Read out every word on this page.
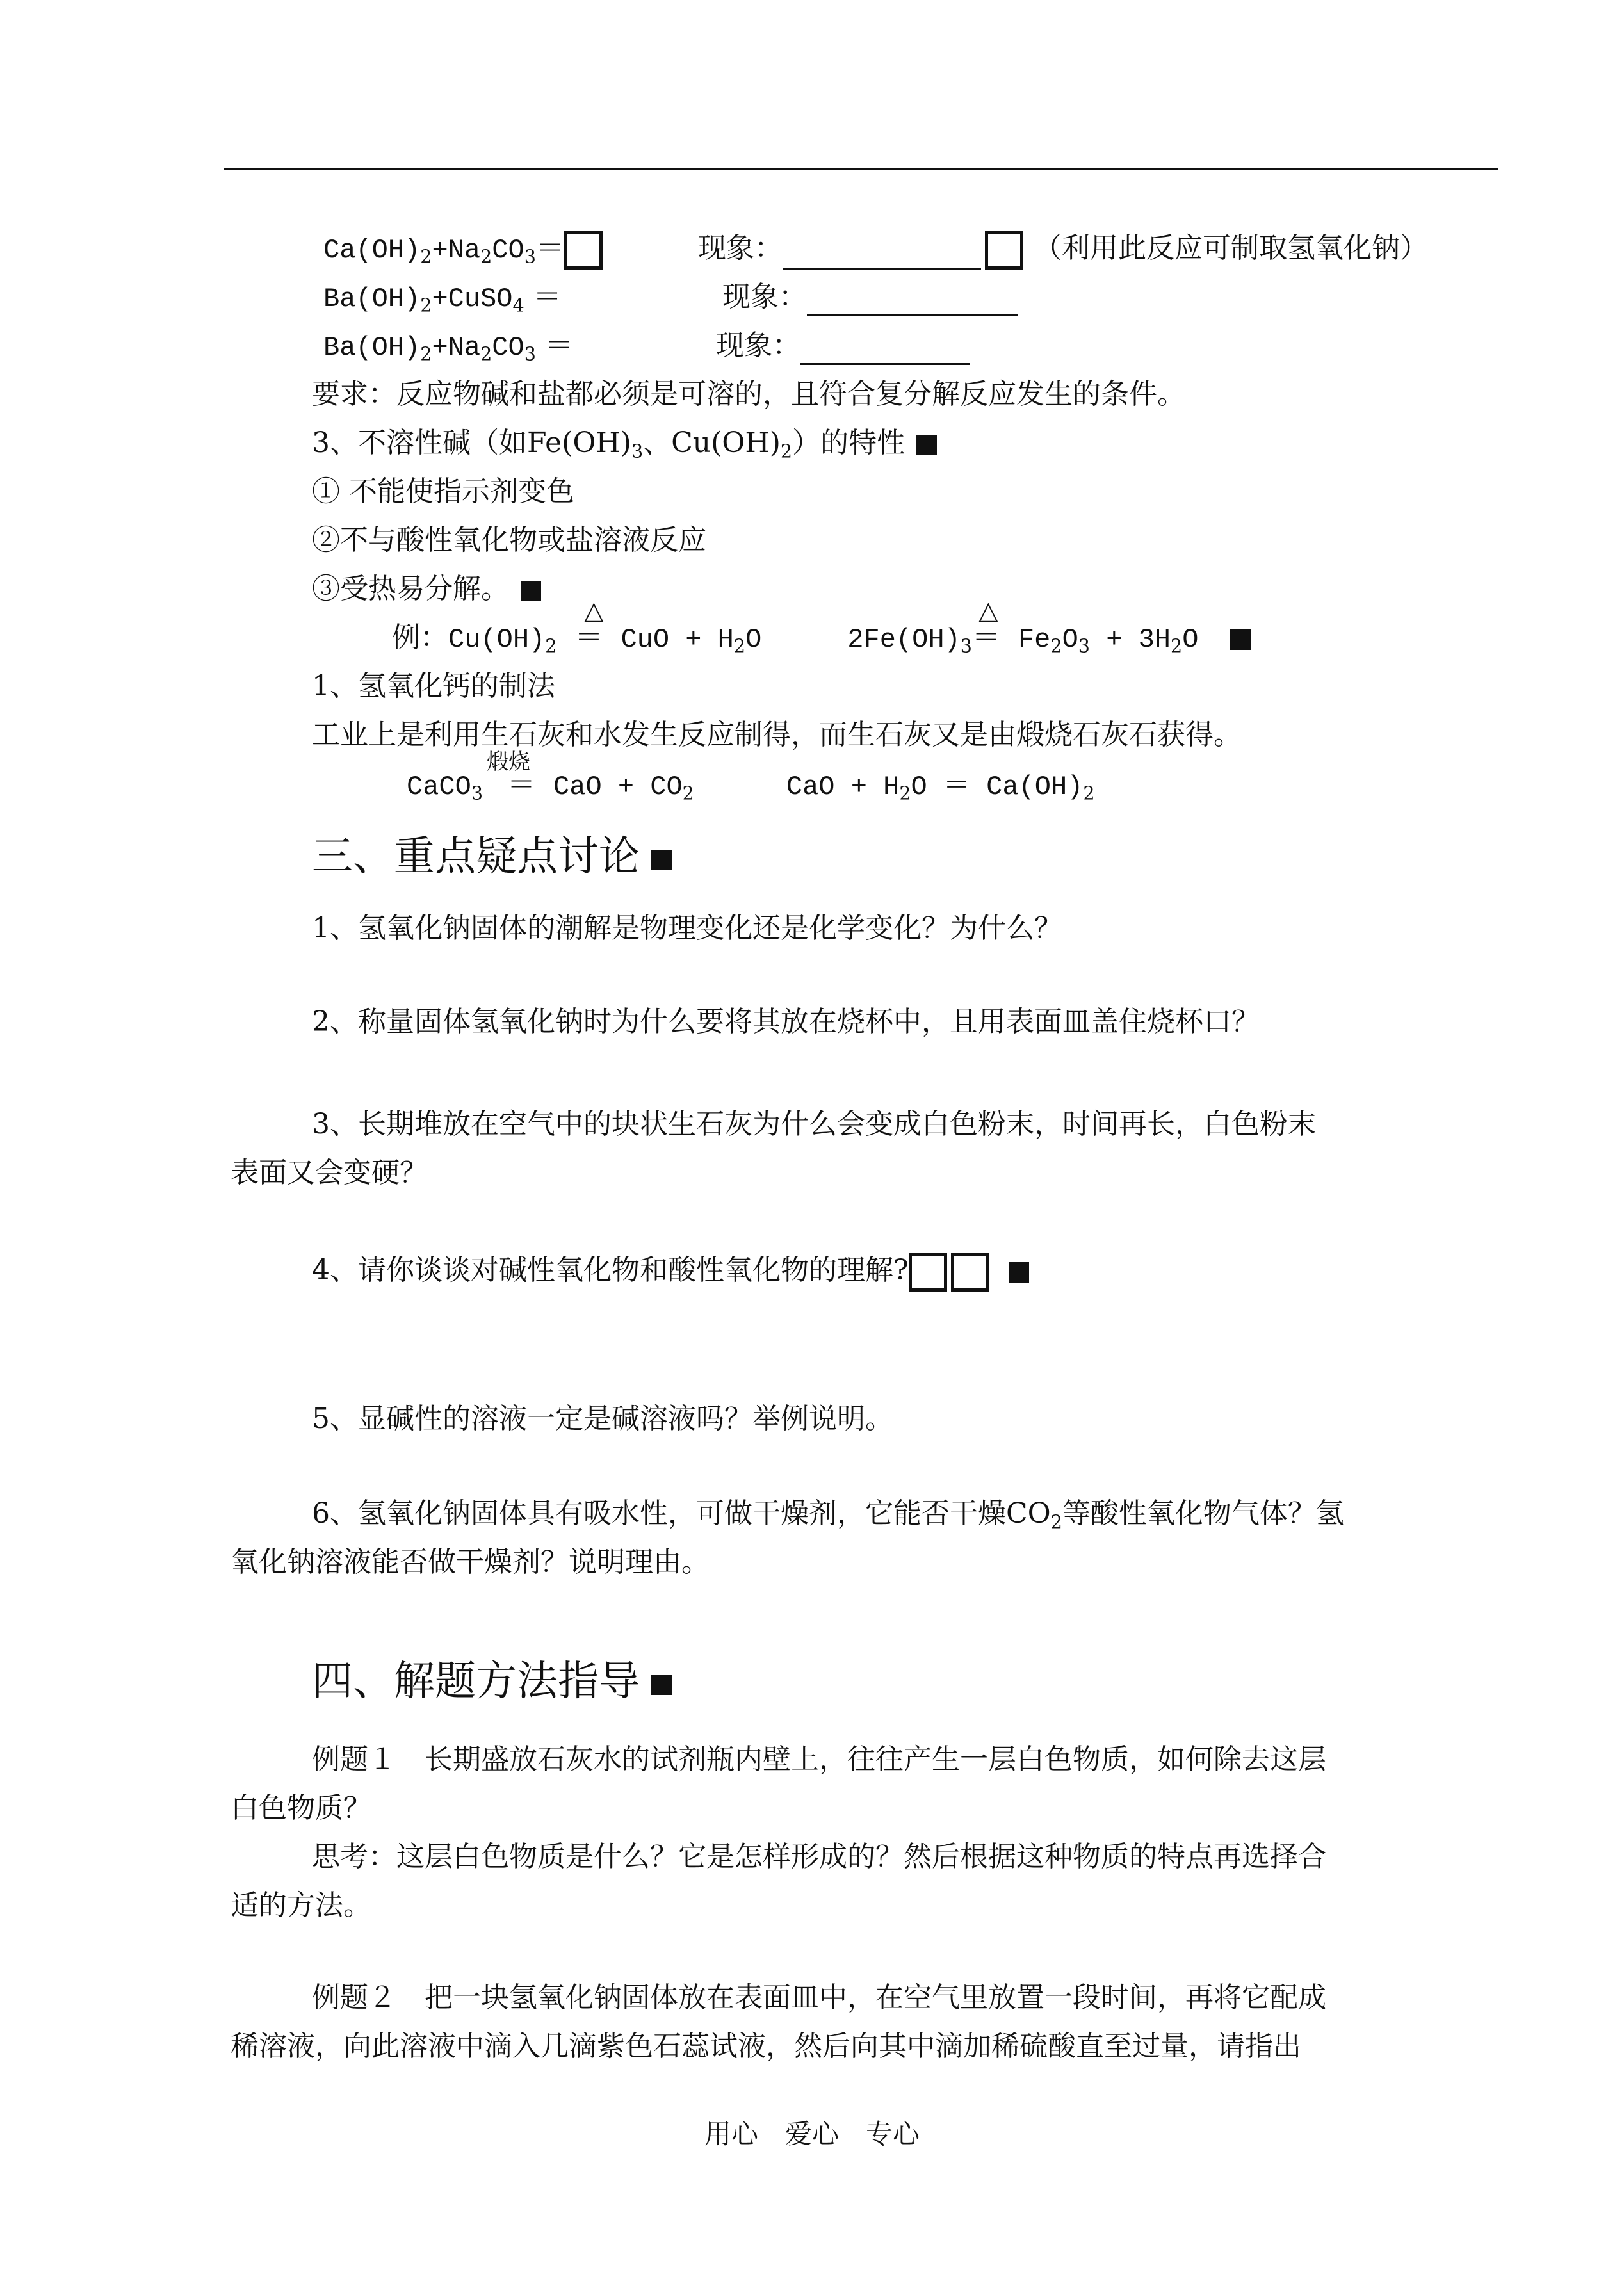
$Ca(OH)_2+Na_2CO_3=$	现象：	（利用此反应可制取氢氧化钠）
$Ba(OH)_2+CuSO_4$ ＝	现象：
$Ba(OH)_2+Na_2CO_3$ ＝	现象：
要求：反应物碱和盐都必须是可溶的，且符合复分解反应发生的条件。
3、不溶性碱（如$Fe(OH)_3$、$Cu(OH)_2$）的特性
① 不能使指示剂变色
②不与酸性氧化物或盐溶液反应
③受热易分解。
△	△
例：$Cu(OH)_2$ ＝ CuO + $H_2O$	$2Fe(OH)_3= Fe_2O_3 + 3H_2O$
1、氢氧化钙的制法
工业上是利用生石灰和水发生反应制得，而生石灰又是由煅烧石灰石获得。
煅烧
CaCO$_3$ ＝ CaO + $CO_2$	CaO + $H_2O = Ca(OH)_2$
三、重点疑点讨论
1、氢氧化钠固体的潮解是物理变化还是化学变化？为什么？
2、称量固体氢氧化钠时为什么要将其放在烧杯中，且用表面皿盖住烧杯口？
3、长期堆放在空气中的块状生石灰为什么会变成白色粉末，时间再长，白色粉末
表面又会变硬？
4、请你谈谈对碱性氧化物和酸性氧化物的理解?
5、显碱性的溶液一定是碱溶液吗？举例说明。
6、氢氧化钠固体具有吸水性，可做干燥剂，它能否干燥$CO_2$等酸性氧化物气体？氢
氧化钠溶液能否做干燥剂？说明理由。
四、解题方法指导
例题１　长期盛放石灰水的试剂瓶内壁上，往往产生一层白色物质，如何除去这层
白色物质？
思考：这层白色物质是什么？它是怎样形成的？然后根据这种物质的特点再选择合
适的方法。
例题２　把一块氢氧化钠固体放在表面皿中，在空气里放置一段时间，再将它配成
稀溶液，向此溶液中滴入几滴紫色石蕊试液，然后向其中滴加稀硫酸直至过量，请指出
用心　爱心　专心
